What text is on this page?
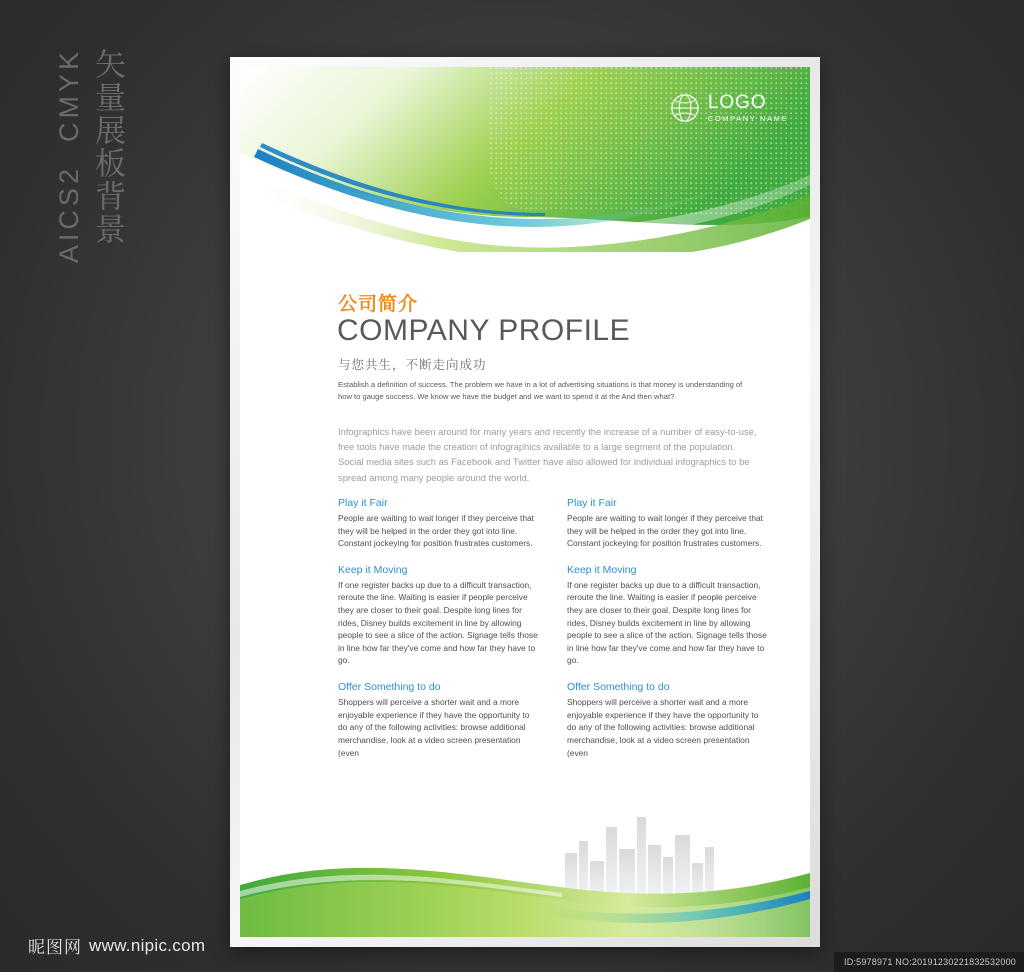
AICS2  CMYK 矢量展板背景	LOGO
COMPANY NAME
公司简介
COMPANY PROFILE
与您共生，不断走向成功
Establish a definition of success. The problem we have in a lot of advertising situations is that money is understanding of how to gauge success. We know we have the budget and we want to spend it at the And then what?
Infographics have been around for many years and recently the increase of a number of easy-to-use, free tools have made the creation of infographics available to a large segment of the population. Social media sites such as Facebook and Twitter have also allowed for individual infographics to be spread among many people around the world.
Play it Fair

People are waiting to wait longer if they perceive that they will be helped in the order they got into line. Constant jockeying for position frustrates customers.

Keep it Moving

If one register backs up due to a difficult transaction, reroute the line. Waiting is easier if people perceive they are closer to their goal. Despite long lines for rides, Disney builds excitement in line by allowing people to see a slice of the action. Signage tells those in line how far they've come and how far they have to go.

Offer Something to do

Shoppers will perceive a shorter wait and a more enjoyable experience if they have the opportunity to do any of the following activities: browse additional merchandise, look at a video screen presentation (even

Play it Fair

People are waiting to wait longer if they perceive that they will be helped in the order they got into line. Constant jockeying for position frustrates customers.

Keep it Moving

If one register backs up due to a difficult transaction, reroute the line. Waiting is easier if people perceive they are closer to their goal. Despite long lines for rides, Disney builds excitement in line by allowing people to see a slice of the action. Signage tells those in line how far they've come and how far they have to go.

Offer Something to do

Shoppers will perceive a shorter wait and a more enjoyable experience if they have the opportunity to do any of the following activities: browse additional merchandise, look at a video screen presentation (even

昵图网 www.nipic.com
ID:5978971 NO:20191230221832532000
